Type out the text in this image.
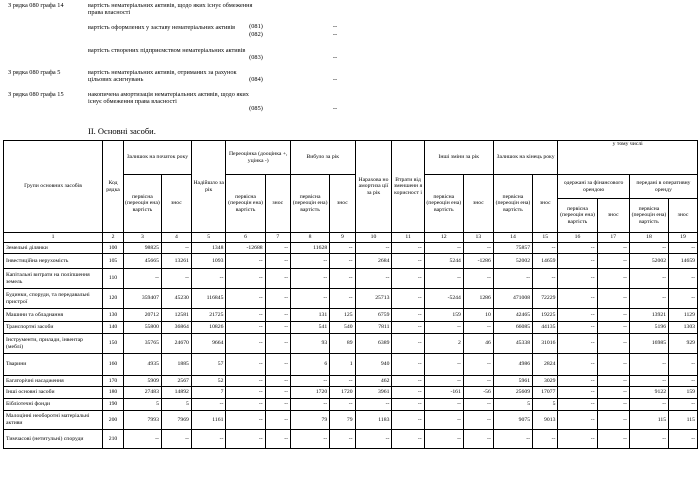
З рядка 080 графа 14	вартість нематеріальних активів, щодо яких існує обмеження права власності
(081)	--
вартість оформлених у заставу нематеріальних активів
(082)	--
вартість створених підприємством нематеріальних активів
(083)	--
З рядка 080 графа 5	вартість нематеріальних активів, отриманих за рахунок цільових асигнувань	(084)	--
З рядка 080 графа 15	накопичена амортизація нематеріальних активів, щодо яких існує обмеження права власності
(085)	--
II. Основні засоби.
Групи основних засобів	Код рядка	Залишок на початок року		Надійшло за рік	Переоцінка (дооцінка +, уцінка -)		Вибуло за рік		Нарахова но амортиза ції за рік	Втрати від зменшенн я корисност і	Інші зміни за рік		Залишок на кінець року		у тому числі			
		первісна (переоцін ена) вартість	знос		первісна (переоцін ена) вартість	знос	первісна (переоцін ена) вартість	знос			первісна (переоцін ена) вартість	знос	первісна (переоцін ена) вартість	знос	одержані за фінансового орендою		передані в оперативну оренду	
															первісна (переоцін ена) вартість	знос	первісна (переоцін ена) вартість	знос
1	2	3	4	5	6	7	8	9	10	11	12	13	14	15	16	17	18	19
Земельні ділянки	100	98825	--	1348	-12688	--	11628	--	--	--	--	--	75857	--	--	--	--	--
Інвестиційна нерухомість	105	45665	13261	1093	--	--	--	--	2684	--	5244	-1286	52002	14659	--	--	52002	14659
Капітальні витрати на поліпшення земель	110	--	--	--	--	--	--	--	--	--	--	--	--	--	--	--	--	--
Будинки, споруди, та передавальні пристрої	120	359407	45230	116845	--	--	--	--	25713	--	-5244	1286	471008	72229	--	--	--	--
Машини та обладнання	130	20712	12581	21725	--	--	131	125	6759	--	159	10	42465	19225	--	--	13921	1129
Транспортні засоби	140	55800	36864	10826	--	--	541	540	7811	--	--	--	66085	44135	--	--	5196	1303
Інструменти, прилади, інвентар (меблі)	150	35765	24670	9664	--	--	93	89	6389	--	2	46	45338	31016	--	--	16985	929
Тварини	160	4935	1885	57	--	--	6	1	940	--	--	--	4986	2824	--	--	--	--
Багаторічні насадження	170	5909	2567	52	--	--	--	--	462	--	--	--	5961	3029	--	--	--	--
Інші основні засоби	180	27483	14892	7	--	--	1720	1720	3961	--	-161	-56	25609	17077	--	--	9122	159
Бібліотечні фонди	190	5	5	--	--	--	--	--	--	--	--	--	5	5	--	--	--	--
Малоцінні необоротні матеріальні активи	200	7993	7969	1161	--	--	79	79	1183	--	--	--	9075	9013	--	--	115	115
Тимчасові (нетитульні) споруди	210	--	--	--	--	--	--	--	--	--	--	--	--	--	--	--	--	--
